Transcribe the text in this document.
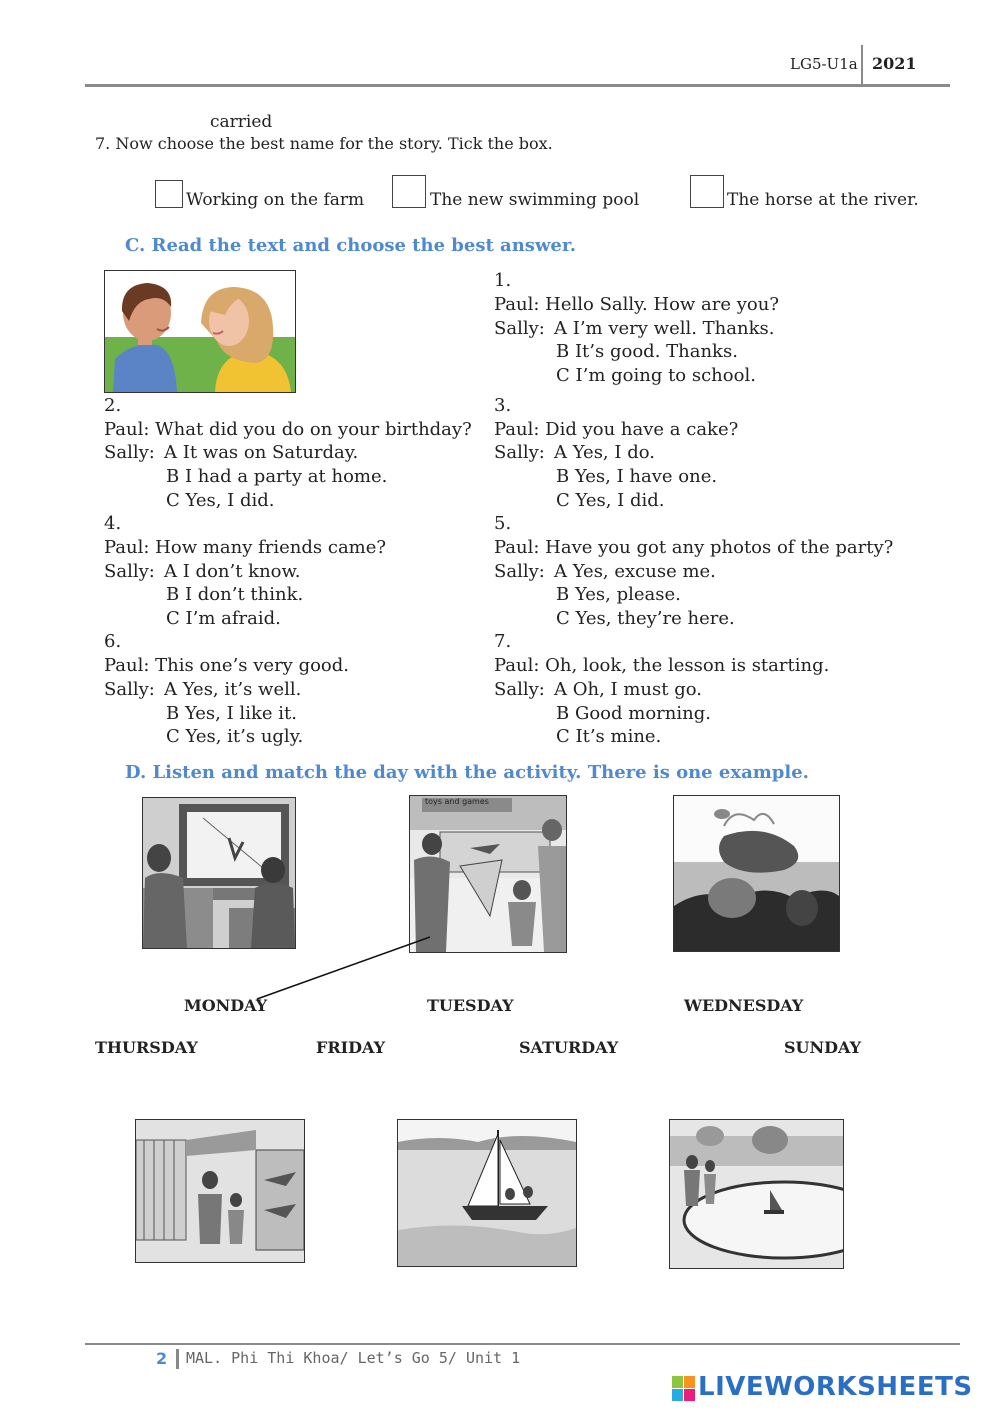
LG5-U1a 2021
carried
7. Now choose the best name for the story. Tick the box.
Working on the farm	The new swimming pool	The horse at the river.
C. Read the text and choose the best answer.
1.
Paul: Hello Sally. How are you?
Sally: A I’m very well. Thanks.
B It’s good. Thanks.
C I’m going to school.
2.
Paul: What did you do on your birthday?
Sally: A It was on Saturday.
B I had a party at home.
C Yes, I did.
3.
Paul: Did you have a cake?
Sally: A Yes, I do.
B Yes, I have one.
C Yes, I did.
4.
Paul: How many friends came?
Sally: A I don’t know.
B I don’t think.
C I’m afraid.
5.
Paul: Have you got any photos of the party?
Sally: A Yes, excuse me.
B Yes, please.
C Yes, they’re here.
6.
Paul: This one’s very good.
Sally: A Yes, it’s well.
B Yes, I like it.
C Yes, it’s ugly.
7.
Paul: Oh, look, the lesson is starting.
Sally: A Oh, I must go.
B Good morning.
C It’s mine.
D. Listen and match the day with the activity. There is one example.
toys and games
MONDAY	TUESDAY	WEDNESDAY
THURSDAY	FRIDAY	SATURDAY	SUNDAY
2 MAL. Phi Thi Khoa/ Let’s Go 5/ Unit 1
LIVEWORKSHEETS
